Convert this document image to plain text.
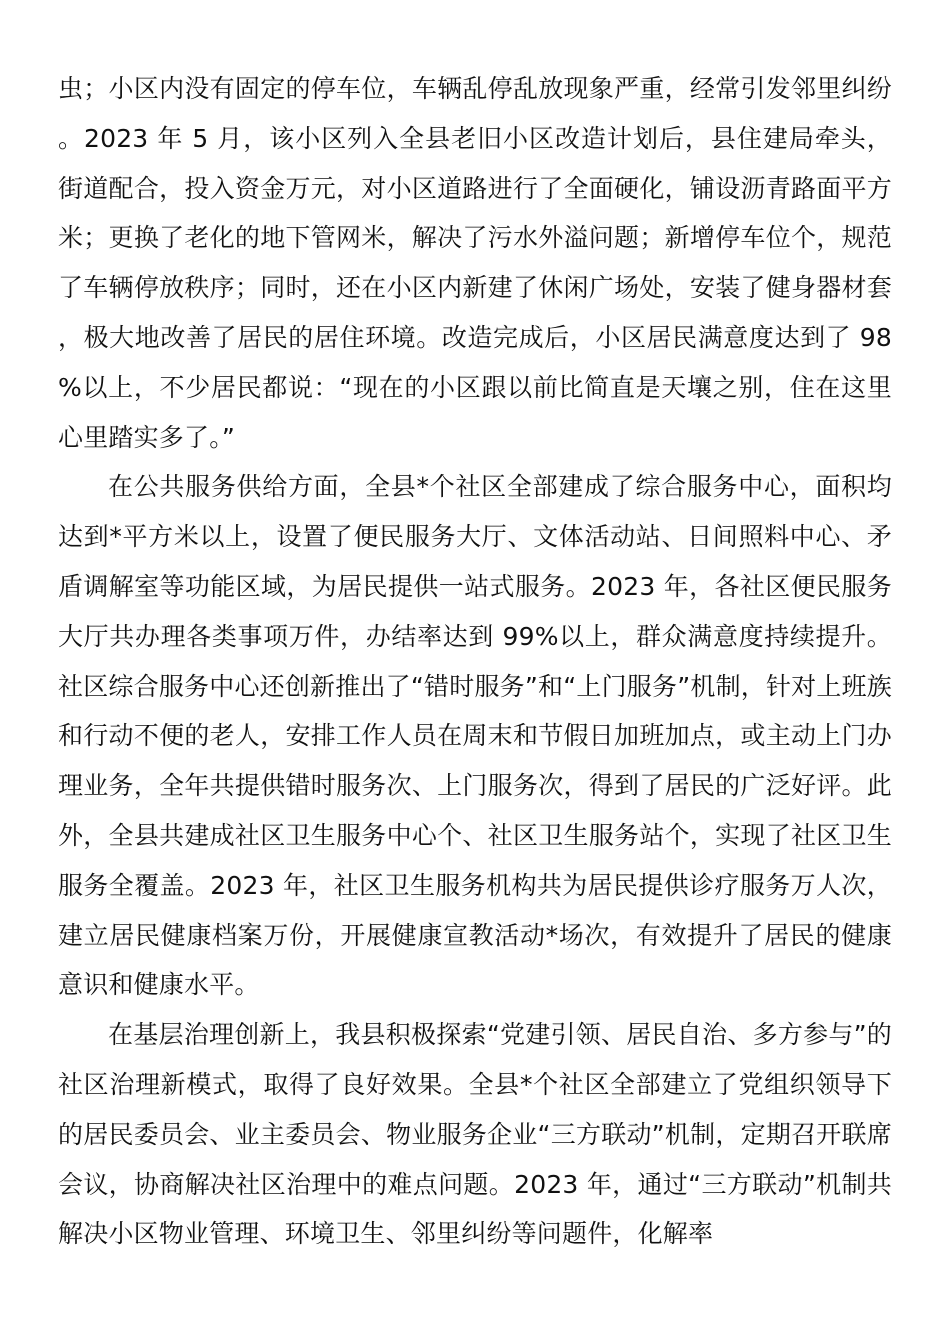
虫；小区内没有固定的停车位，车辆乱停乱放现象严重，经常引发邻里纠纷。2023 年 5 月，该小区列入全县老旧小区改造计划后，县住建局牵头，街道配合，投入资金万元，对小区道路进行了全面硬化，铺设沥青路面平方米；更换了老化的地下管网米，解决了污水外溢问题；新增停车位个，规范了车辆停放秩序；同时，还在小区内新建了休闲广场处，安装了健身器材套，极大地改善了居民的居住环境。改造完成后，小区居民满意度达到了 98%以上，不少居民都说：“现在的小区跟以前比简直是天壤之别，住在这里心里踏实多了。”

在公共服务供给方面，全县*个社区全部建成了综合服务中心，面积均达到*平方米以上，设置了便民服务大厅、文体活动站、日间照料中心、矛盾调解室等功能区域，为居民提供一站式服务。2023 年，各社区便民服务大厅共办理各类事项万件，办结率达到 99%以上，群众满意度持续提升。社区综合服务中心还创新推出了“错时服务”和“上门服务”机制，针对上班族和行动不便的老人，安排工作人员在周末和节假日加班加点，或主动上门办理业务，全年共提供错时服务次、上门服务次，得到了居民的广泛好评。此外，全县共建成社区卫生服务中心个、社区卫生服务站个，实现了社区卫生服务全覆盖。2023 年，社区卫生服务机构共为居民提供诊疗服务万人次，建立居民健康档案万份，开展健康宣教活动*场次，有效提升了居民的健康意识和健康水平。

在基层治理创新上，我县积极探索“党建引领、居民自治、多方参与”的社区治理新模式，取得了良好效果。全县*个社区全部建立了党组织领导下的居民委员会、业主委员会、物业服务企业“三方联动”机制，定期召开联席会议，协商解决社区治理中的难点问题。2023 年，通过“三方联动”机制共解决小区物业管理、环境卫生、邻里纠纷等问题件，化解率
